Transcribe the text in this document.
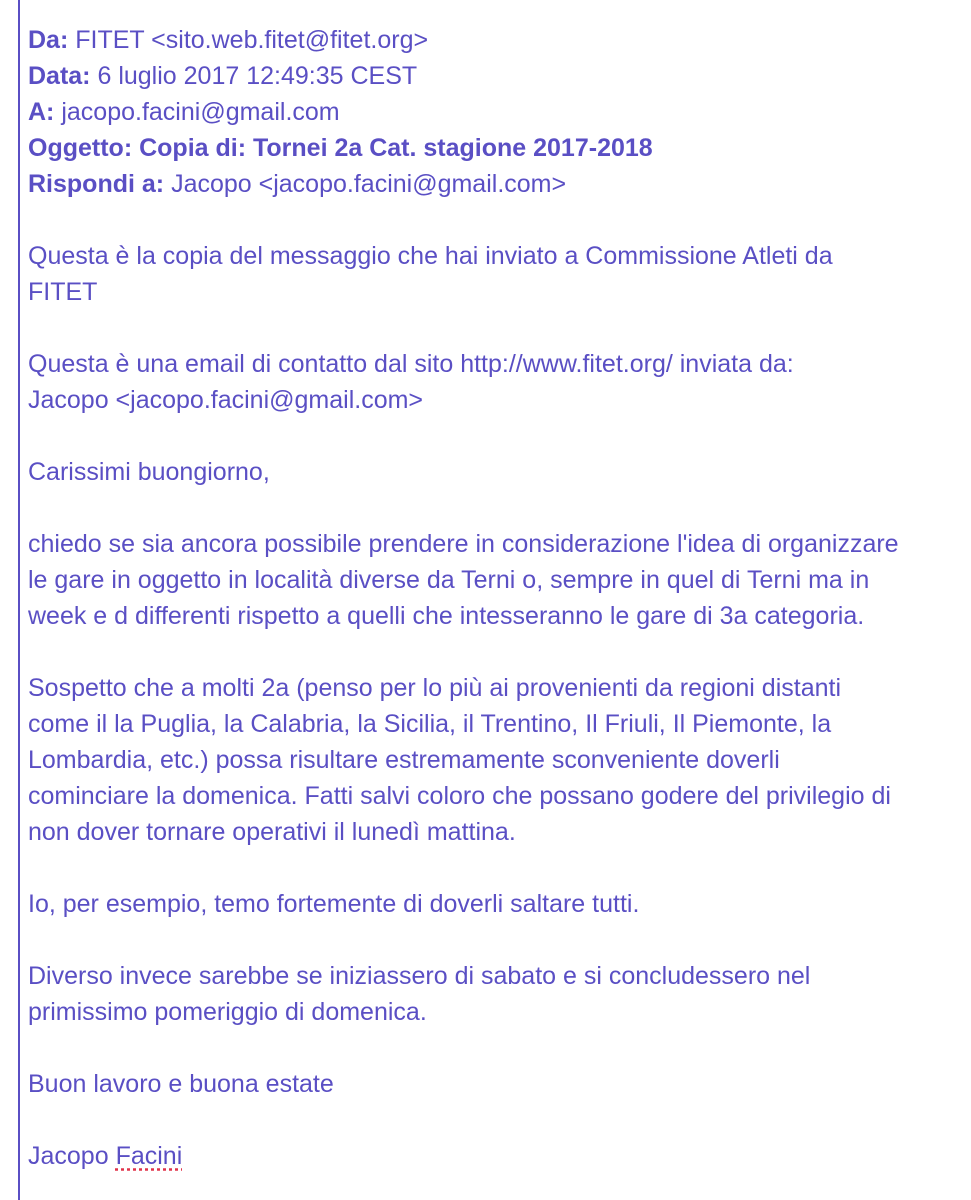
Da: FITET <sito.web.fitet@fitet.org>
Data: 6 luglio 2017 12:49:35 CEST
A: jacopo.facini@gmail.com
Oggetto: Copia di: Tornei 2a Cat. stagione 2017-2018
Rispondi a: Jacopo <jacopo.facini@gmail.com>
Questa è la copia del messaggio che hai inviato a Commissione Atleti da
FITET
Questa è una email di contatto dal sito http://www.fitet.org/ inviata da:
Jacopo <jacopo.facini@gmail.com>
Carissimi buongiorno,
chiedo se sia ancora possibile prendere in considerazione l'idea di organizzare
le gare in oggetto in località diverse da Terni o, sempre in quel di Terni ma in
week e d differenti rispetto a quelli che intesseranno le gare di 3a categoria.
Sospetto che a molti 2a (penso per lo più ai provenienti da regioni distanti
come il la Puglia, la Calabria, la Sicilia, il Trentino, Il Friuli, Il Piemonte, la
Lombardia, etc.) possa risultare estremamente sconveniente doverli
cominciare la domenica. Fatti salvi coloro che possano godere del privilegio di
non dover tornare operativi il lunedì mattina.
Io, per esempio, temo fortemente di doverli saltare tutti.
Diverso invece sarebbe se iniziassero di sabato e si concludessero nel
primissimo pomeriggio di domenica.
Buon lavoro e buona estate
Jacopo Facini
